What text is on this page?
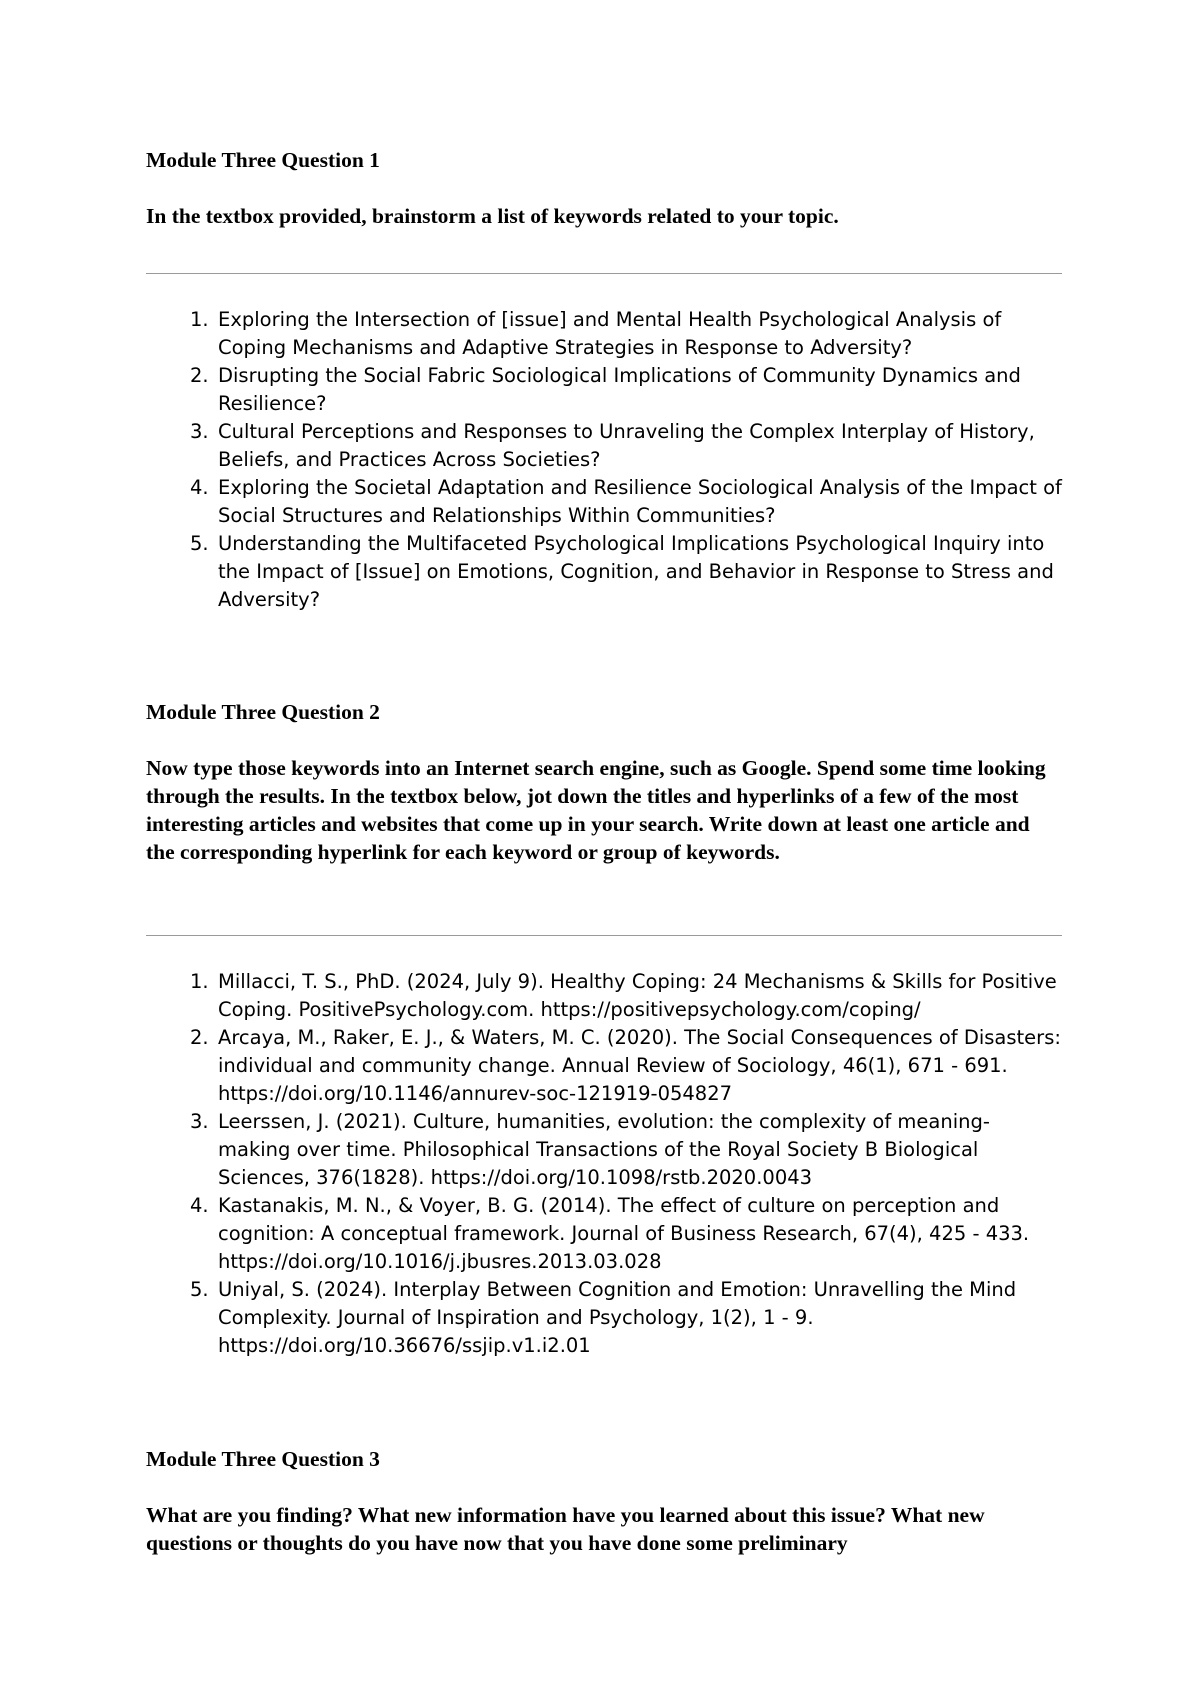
Module Three Question 1

In the textbox provided, brainstorm a list of keywords related to your topic.

1. Exploring the Intersection of [issue] and Mental Health Psychological Analysis of Coping Mechanisms and Adaptive Strategies in Response to Adversity?
2. Disrupting the Social Fabric Sociological Implications of Community Dynamics and Resilience?
3. Cultural Perceptions and Responses to Unraveling the Complex Interplay of History, Beliefs, and Practices Across Societies?
4. Exploring the Societal Adaptation and Resilience Sociological Analysis of the Impact of Social Structures and Relationships Within Communities?
5. Understanding the Multifaceted Psychological Implications Psychological Inquiry into the Impact of [Issue] on Emotions, Cognition, and Behavior in Response to Stress and Adversity?
Module Three Question 2

Now type those keywords into an Internet search engine, such as Google. Spend some time looking through the results. In the textbox below, jot down the titles and hyperlinks of a few of the most interesting articles and websites that come up in your search. Write down at least one article and the corresponding hyperlink for each keyword or group of keywords.

1. Millacci, T. S., PhD. (2024, July 9). Healthy Coping: 24 Mechanisms & Skills for Positive Coping. PositivePsychology.com. https://positivepsychology.com/coping/
2. Arcaya, M., Raker, E. J., & Waters, M. C. (2020). The Social Consequences of Disasters: individual and community change. Annual Review of Sociology, 46(1), 671 - 691. https://doi.org/10.1146/annurev-soc-121919-054827
3. Leerssen, J. (2021). Culture, humanities, evolution: the complexity of meaning-making over time. Philosophical Transactions of the Royal Society B Biological Sciences, 376(1828). https://doi.org/10.1098/rstb.2020.0043
4. Kastanakis, M. N., & Voyer, B. G. (2014). The effect of culture on perception and cognition: A conceptual framework. Journal of Business Research, 67(4), 425 - 433. https://doi.org/10.1016/j.jbusres.2013.03.028
5. Uniyal, S. (2024). Interplay Between Cognition and Emotion: Unravelling the Mind Complexity. Journal of Inspiration and Psychology, 1(2), 1 - 9. https://doi.org/10.36676/ssjip.v1.i2.01
Module Three Question 3

What are you finding? What new information have you learned about this issue? What new questions or thoughts do you have now that you have done some preliminary
